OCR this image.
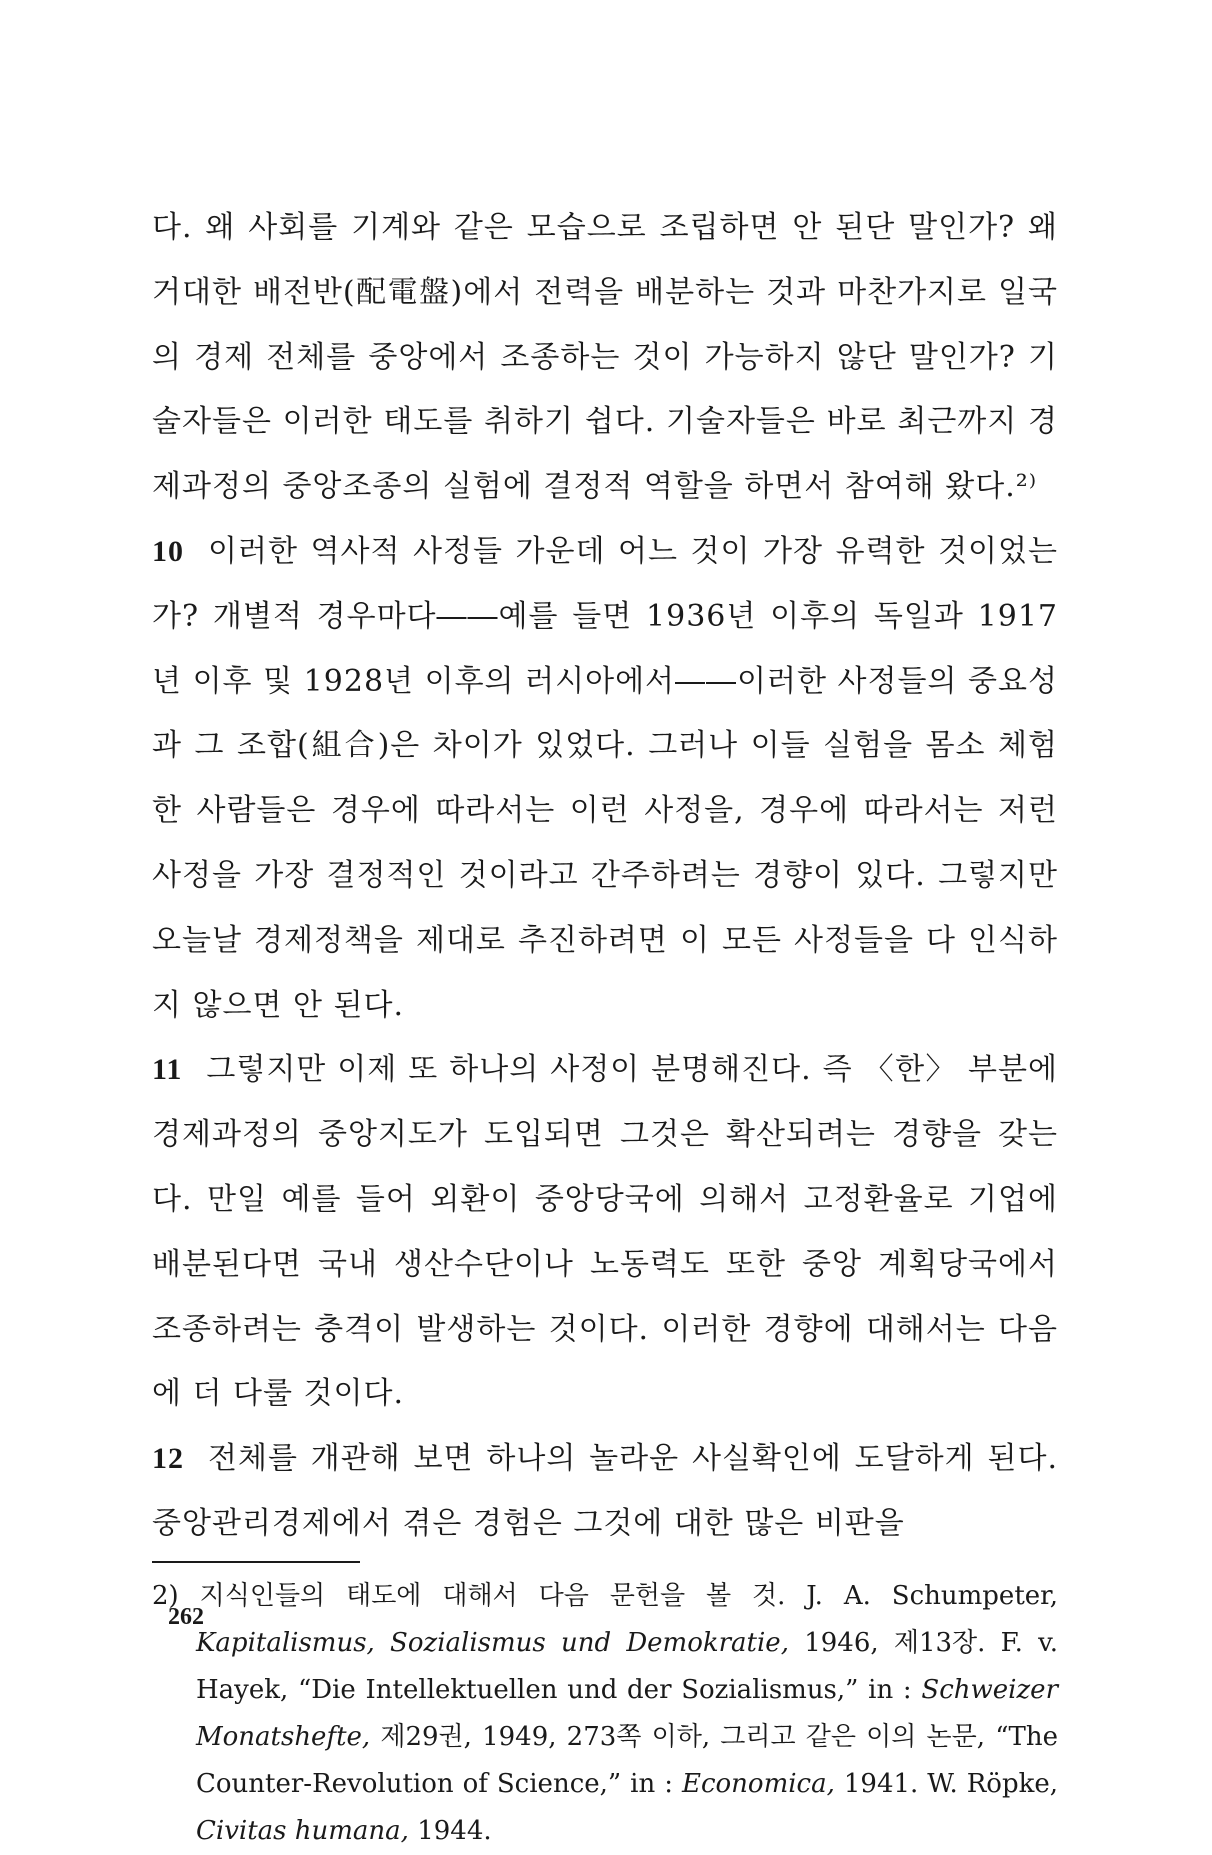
다. 왜 사회를 기계와 같은 모습으로 조립하면 안 된단 말인가? 왜 거대한 배전반(配電盤)에서 전력을 배분하는 것과 마찬가지로 일국의 경제 전체를 중앙에서 조종하는 것이 가능하지 않단 말인가? 기술자들은 이러한 태도를 취하기 쉽다. 기술자들은 바로 최근까지 경제과정의 중앙조종의 실험에 결정적 역할을 하면서 참여해 왔다.²⁾

10 이러한 역사적 사정들 가운데 어느 것이 가장 유력한 것이었는가? 개별적 경우마다――예를 들면 1936년 이후의 독일과 1917년 이후 및 1928년 이후의 러시아에서――이러한 사정들의 중요성과 그 조합(組合)은 차이가 있었다. 그러나 이들 실험을 몸소 체험한 사람들은 경우에 따라서는 이런 사정을, 경우에 따라서는 저런 사정을 가장 결정적인 것이라고 간주하려는 경향이 있다. 그렇지만 오늘날 경제정책을 제대로 추진하려면 이 모든 사정들을 다 인식하지 않으면 안 된다.

11 그렇지만 이제 또 하나의 사정이 분명해진다. 즉 〈한〉 부분에 경제과정의 중앙지도가 도입되면 그것은 확산되려는 경향을 갖는다. 만일 예를 들어 외환이 중앙당국에 의해서 고정환율로 기업에 배분된다면 국내 생산수단이나 노동력도 또한 중앙 계획당국에서 조종하려는 충격이 발생하는 것이다. 이러한 경향에 대해서는 다음에 더 다룰 것이다.

12 전체를 개관해 보면 하나의 놀라운 사실확인에 도달하게 된다. 중앙관리경제에서 겪은 경험은 그것에 대한 많은 비판을

2) 지식인들의 태도에 대해서 다음 문헌을 볼 것. J. A. Schumpeter, Kapitalismus, Sozialismus und Demokratie, 1946, 제13장. F. v. Hayek, “Die Intellektuellen und der Sozialismus,” in : Schweizer Monatshefte, 제29권, 1949, 273쪽 이하, 그리고 같은 이의 논문, “The Counter-Revolution of Science,” in : Economica, 1941. W. Röpke, Civitas humana, 1944.
262
